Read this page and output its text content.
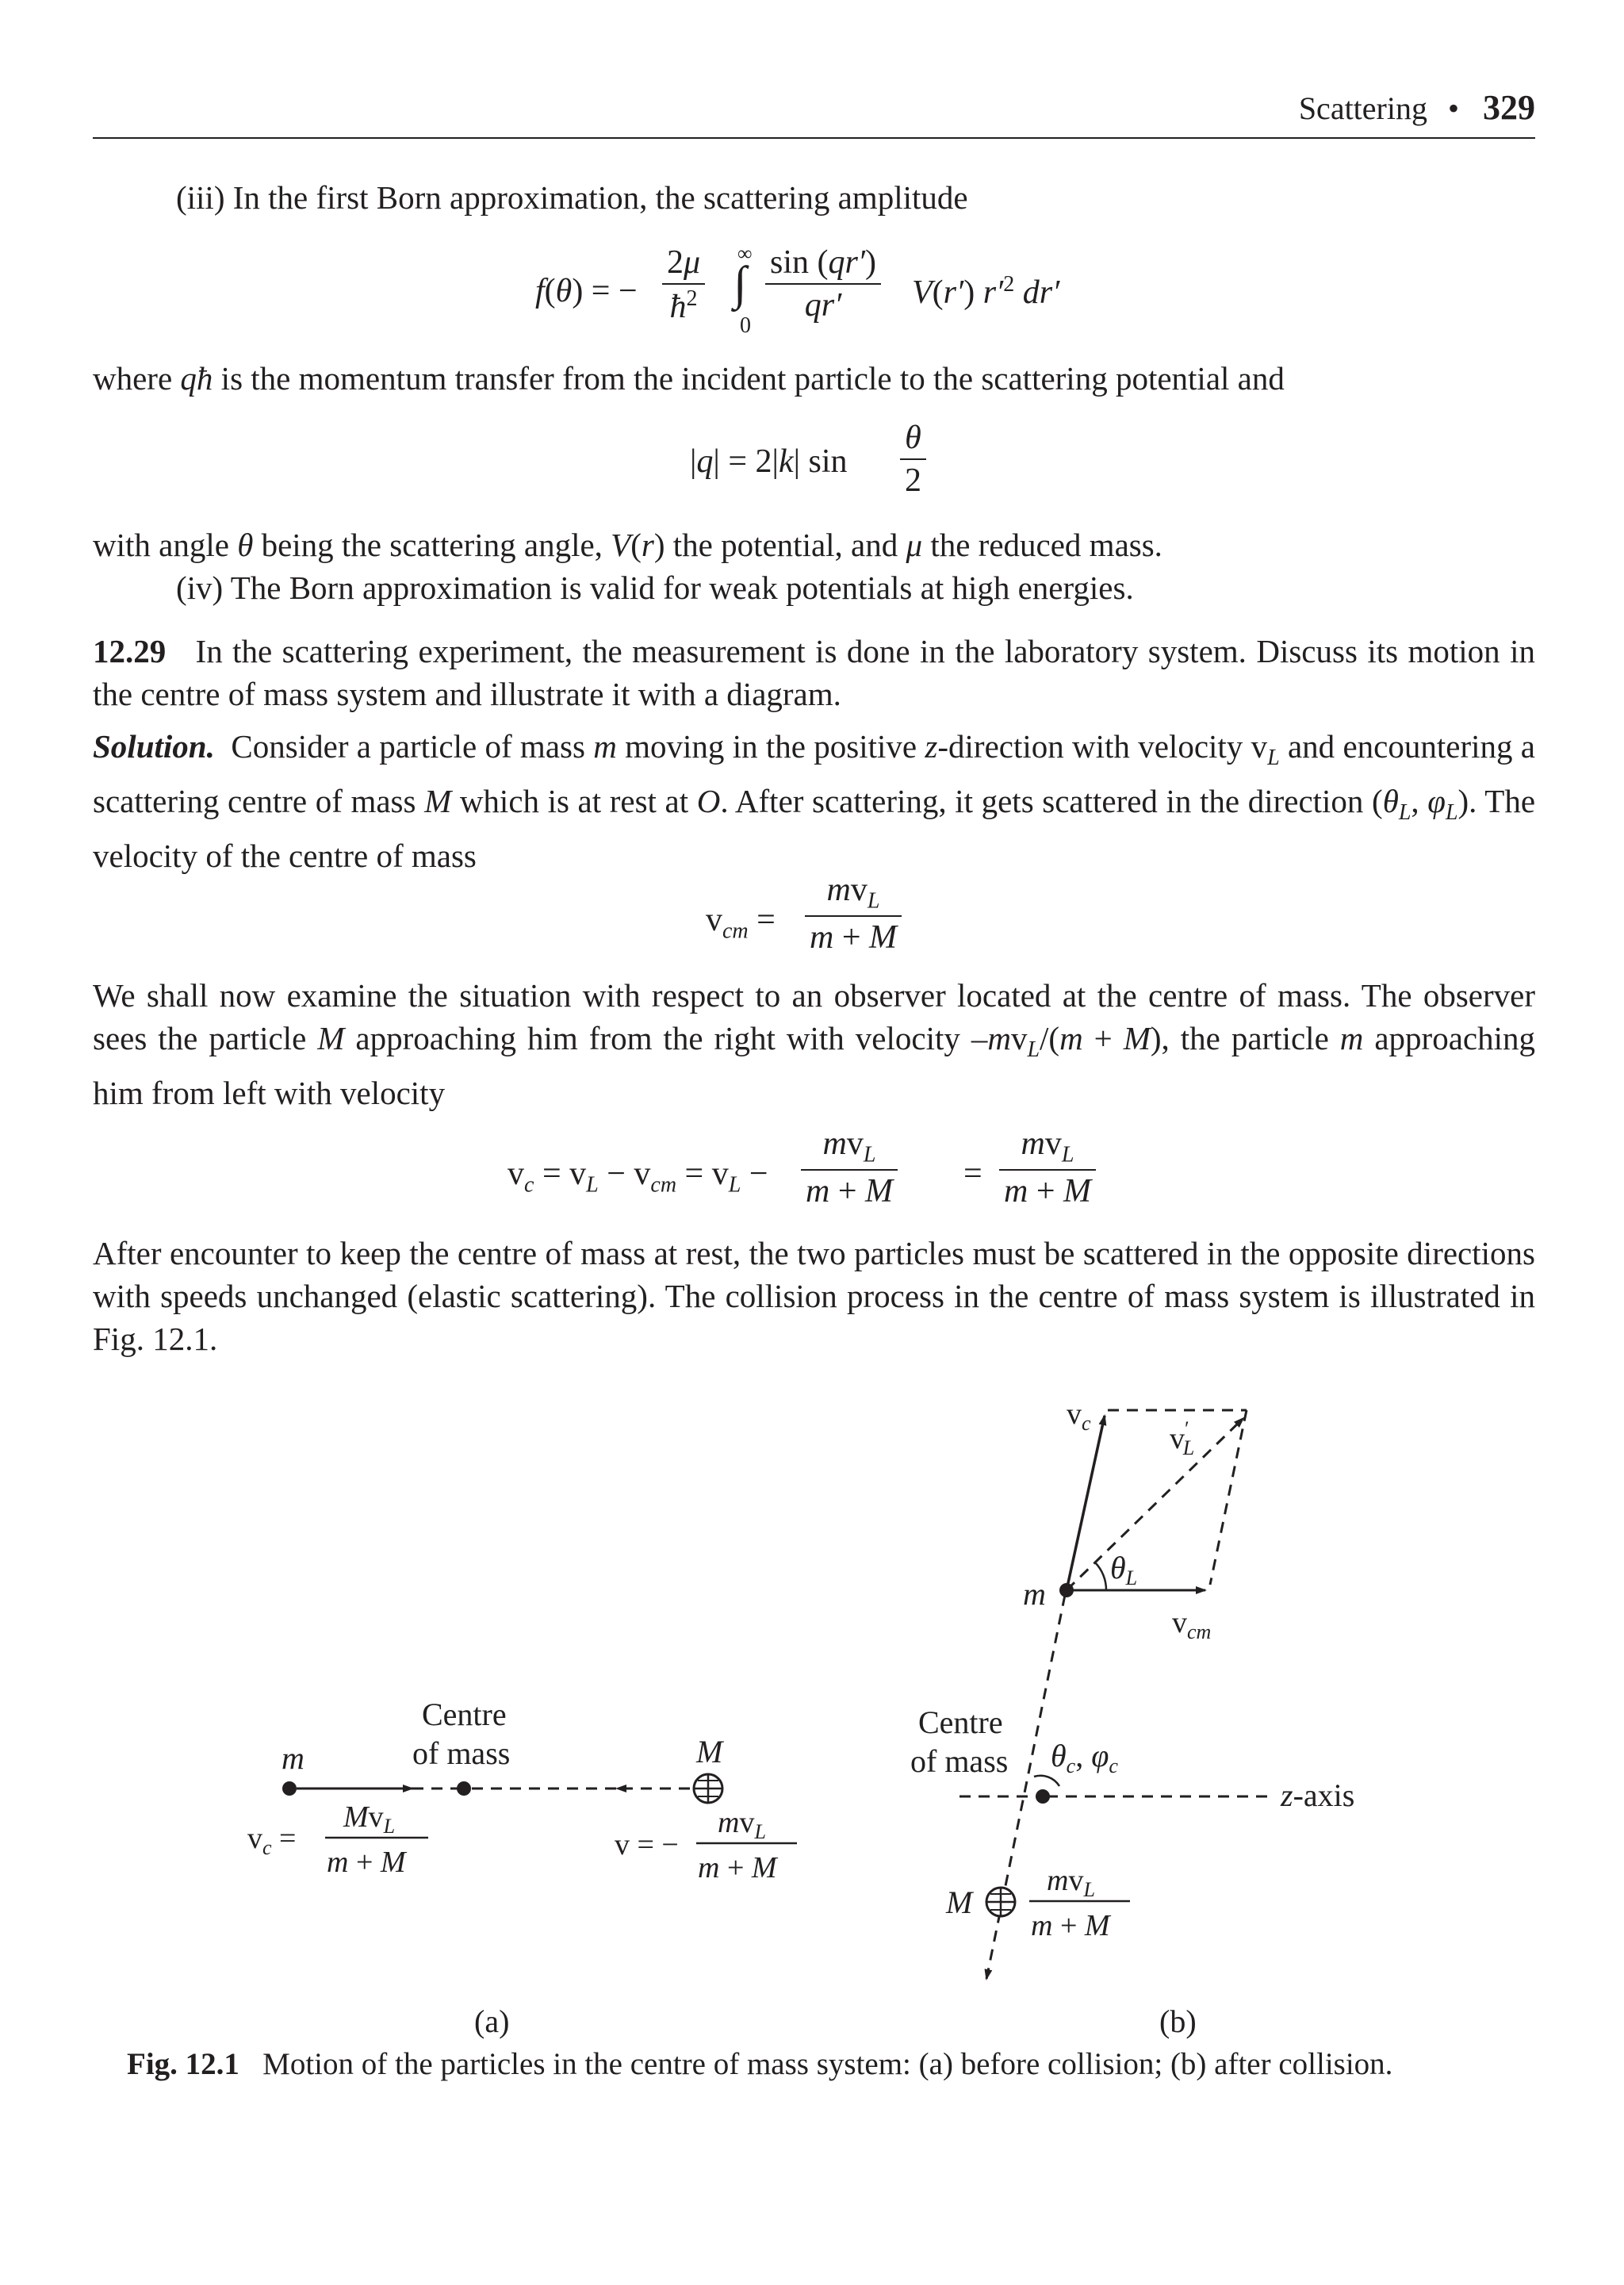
Scattering • 329
(iii) In the first Born approximation, the scattering amplitude
f(θ) = − $\frac{2\mu}{ħ^2}$ ∞
∫
0
$\frac{\sin (qr')}{qr'} V(r')$ $r'^2$ dr′
where qħ is the momentum transfer from the incident particle to the scattering potential and
|q| = 2|k| $\sin \frac{\theta}{2}$
with angle θ being the scattering angle, V(r) the potential, and μ the reduced mass.
(iv) The Born approximation is valid for weak potentials at high energies.
12.29 In the scattering experiment, the measurement is done in the laboratory system. Discuss its motion in the centre of mass system and illustrate it with a diagram.
Solution.  Consider a particle of mass m moving in the positive z-direction with velocity $v_L$ and encountering a scattering centre of mass M which is at rest at O. After scattering, it gets scattered in the direction ($\theta_L$, $\varphi_L$). The velocity of the centre of mass
$v_{cm}$ =
$mv_L$
m + M
We shall now examine the situation with respect to an observer located at the centre of mass. The observer sees the particle M approaching him from the right with velocity $-mv_L/(m + M)$, the particle m approaching him from left with velocity
$v_c = v_L - v_{cm} = v_L$ −
$mv_L$
m + M =
$mv_L$
m + M
After encounter to keep the centre of mass at rest, the two particles must be scattered in the opposite directions with speeds unchanged (elastic scattering). The collision process in the centre of mass system is illustrated in Fig. 12.1.
m
Centre
of mass	M
$v_c$ =
$Mv_L$
m + M
v = −
$mv_L$
m + M
(a)
z-axis
Centre
of mass $\theta_c$, $\varphi_c$
m
M
$mv_L$
m + M
$v_c$
$v_{cm}$
v′ L
$\theta_L$
(b)
Fig. 12.1 Motion of the particles in the centre of mass system: (a) before collision; (b) after collision.
